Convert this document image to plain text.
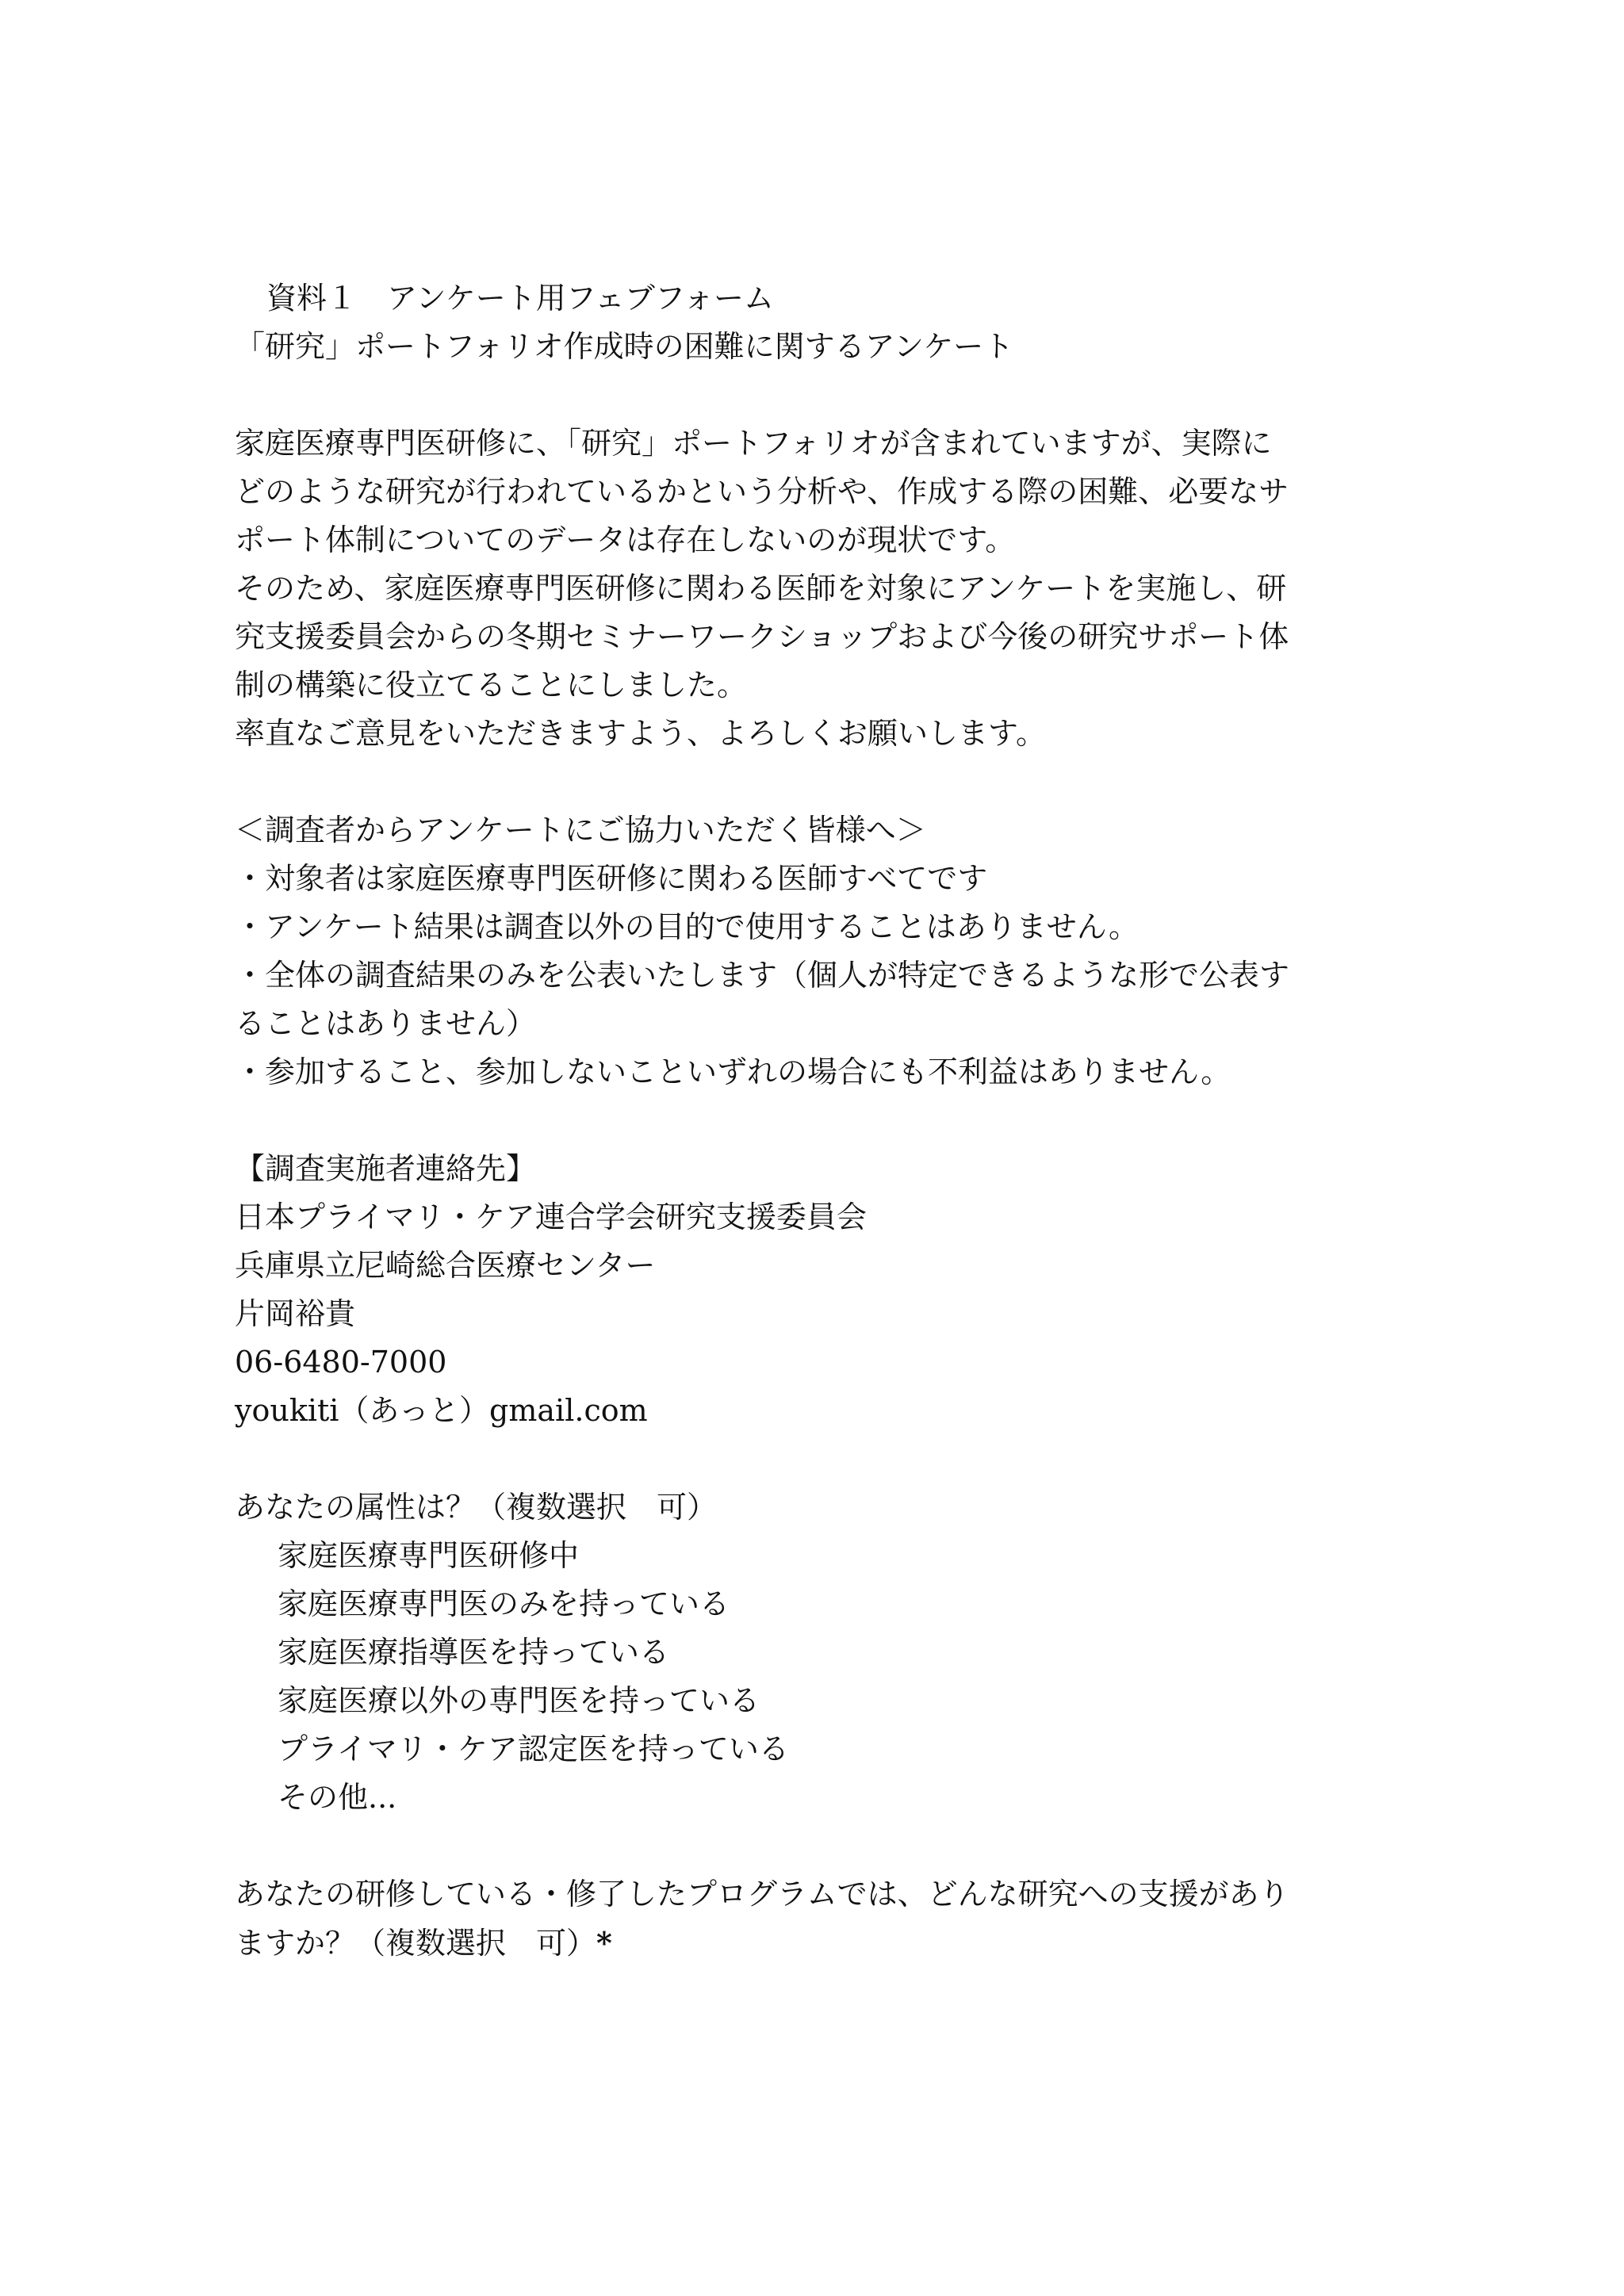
資料１　 アンケート用フェブフォーム
「研究」ポートフォリオ作成時の困難に関するアンケート
家庭医療専門医研修に、「研究」ポートフォリオが含まれていますが、実際に
どのような研究が行われているかという分析や、作成する際の困難、必要なサ
ポート体制についてのデータは存在しないのが現状です。
そのため、家庭医療専門医研修に関わる医師を対象にアンケートを実施し、研
究支援委員会からの冬期セミナーワークショップおよび今後の研究サポート体
制の構築に役立てることにしました。
率直なご意見をいただきますよう、よろしくお願いします。
＜調査者からアンケートにご協力いただく皆様へ＞
・対象者は家庭医療専門医研修に関わる医師すべてです
・アンケート結果は調査以外の目的で使用することはありません。
・全体の調査結果のみを公表いたします（個人が特定できるような形で公表す
ることはありません）
・参加すること、参加しないこといずれの場合にも不利益はありません。
【調査実施者連絡先】
日本プライマリ・ケア連合学会研究支援委員会
兵庫県立尼崎総合医療センター
片岡裕貴
06-6480-7000
youkiti（あっと）gmail.com
あなたの属性は？（複数選択　可）
家庭医療専門医研修中
家庭医療専門医のみを持っている
家庭医療指導医を持っている
家庭医療以外の専門医を持っている
プライマリ・ケア認定医を持っている
その他...
あなたの研修している・修了したプログラムでは、どんな研究への支援があり
ますか？（複数選択　可）*
